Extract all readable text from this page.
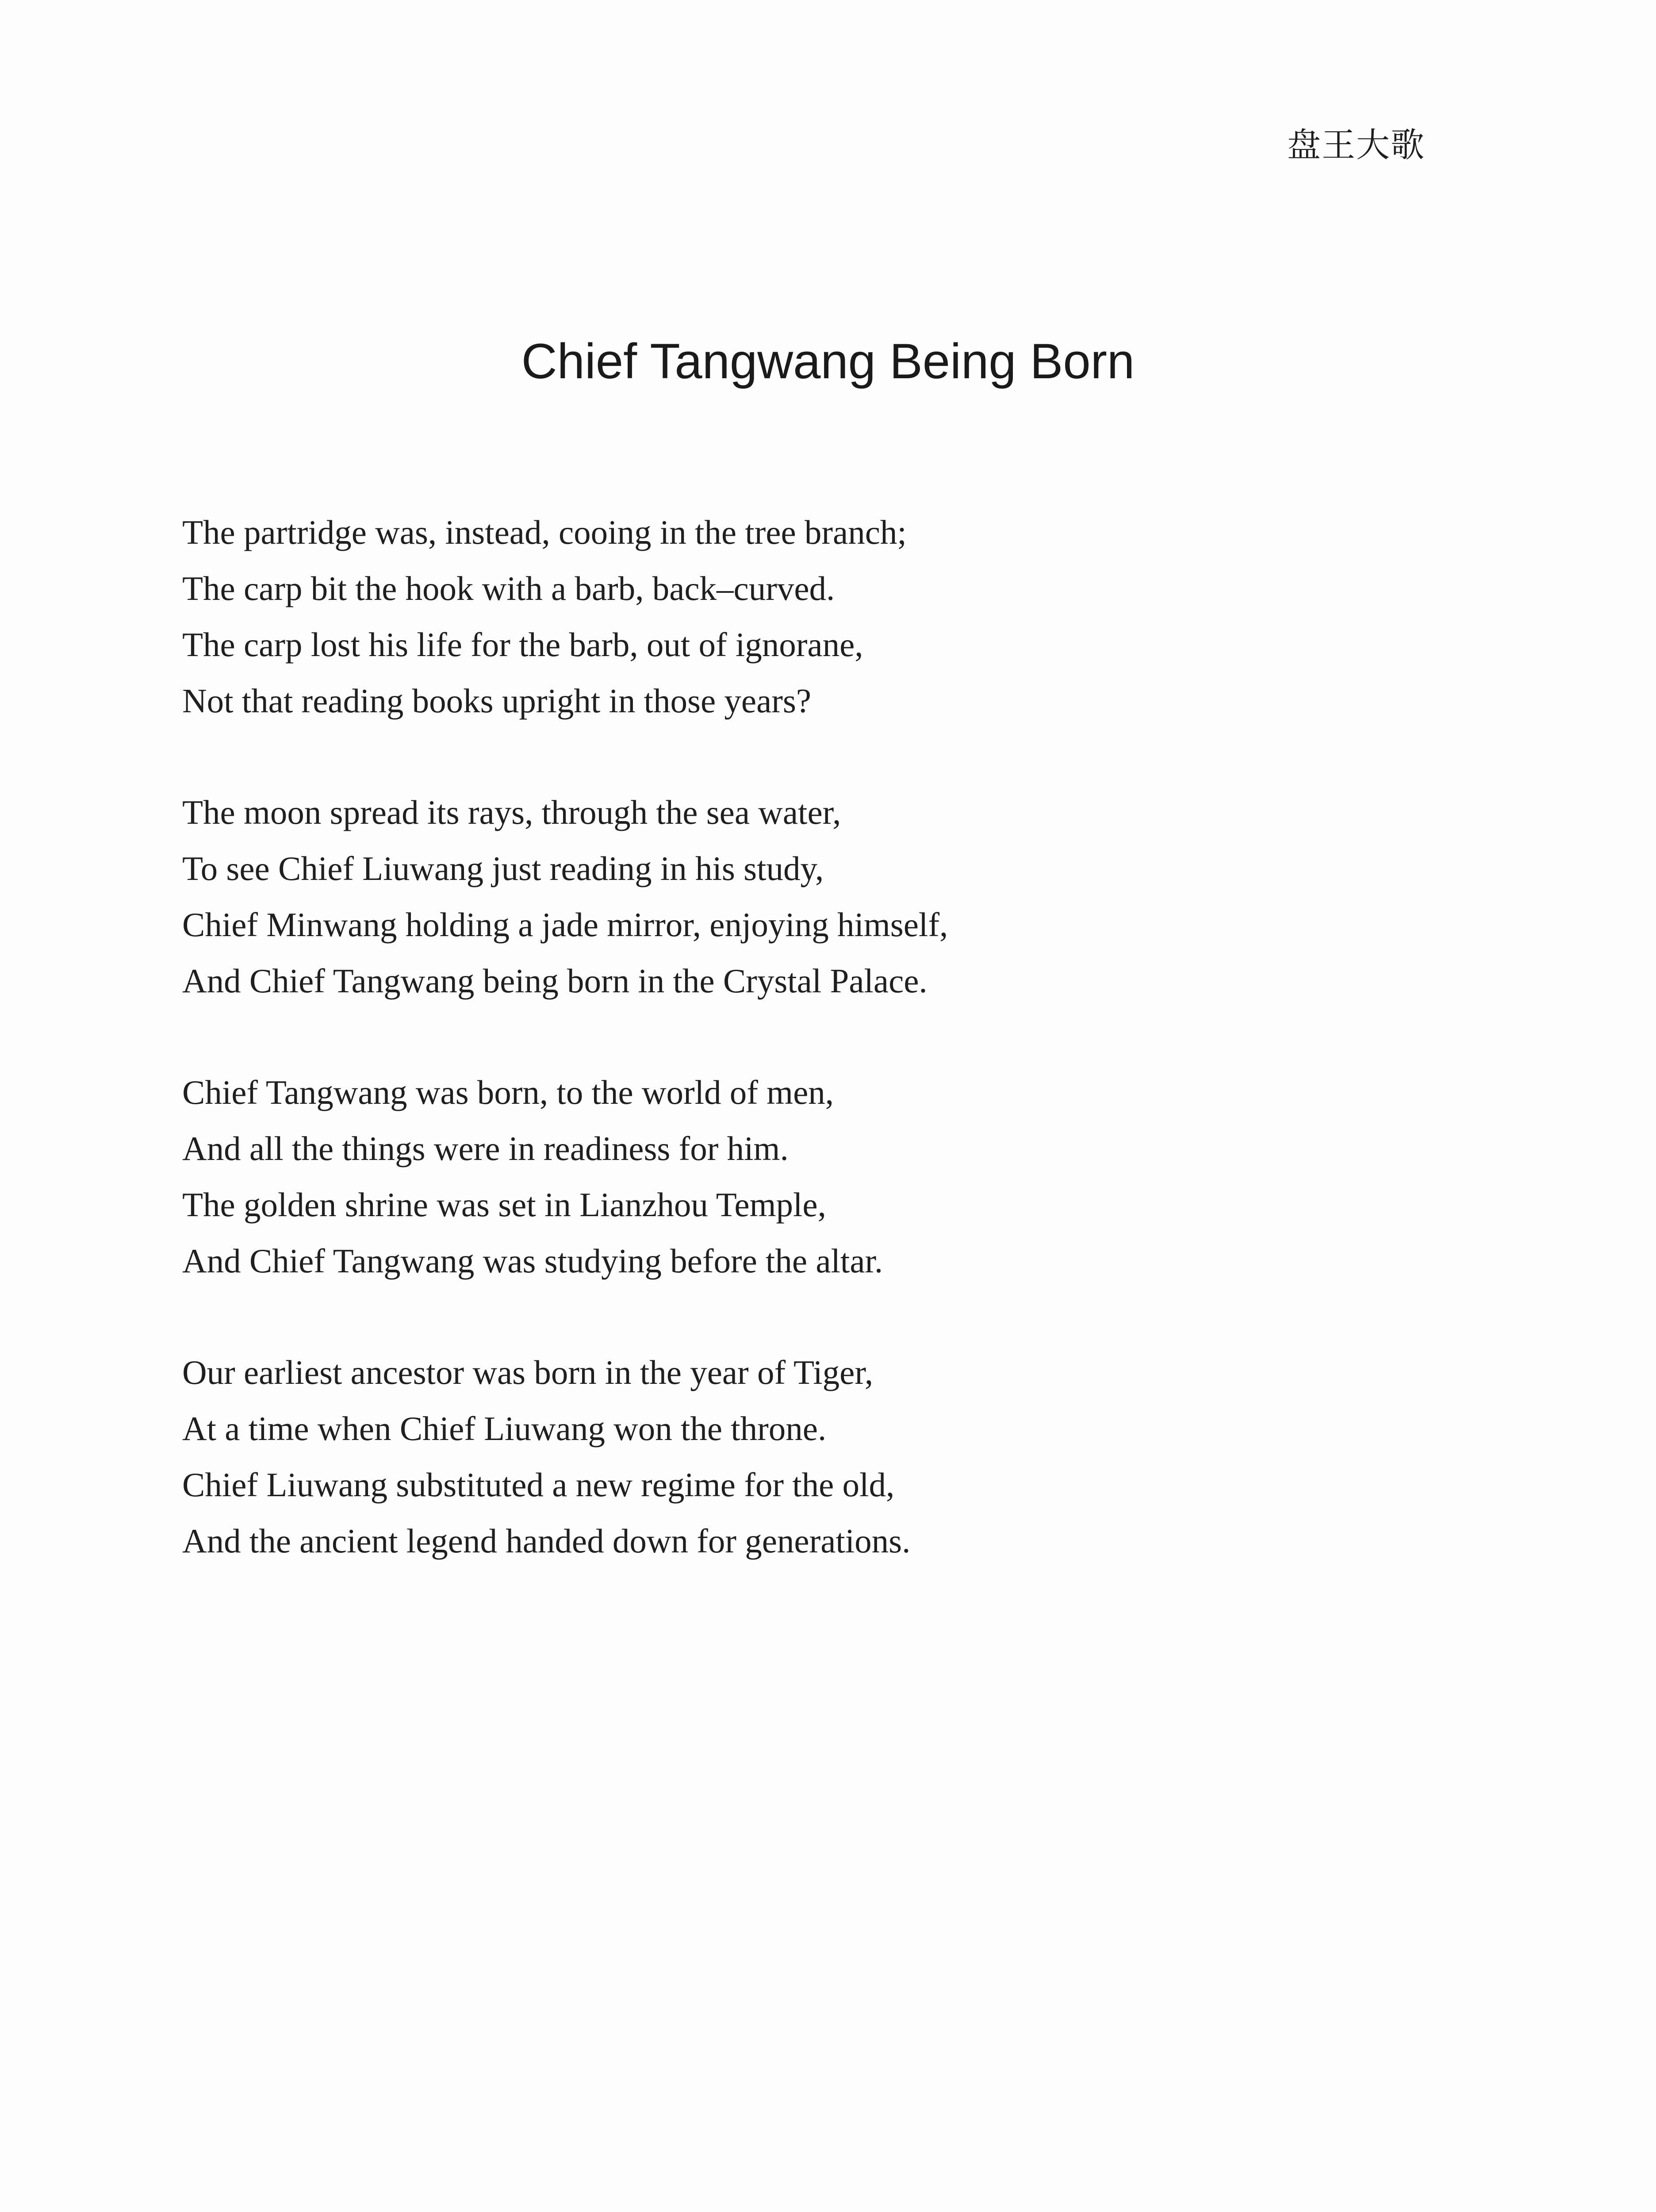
盘王大歌
Chief Tangwang Being Born
The partridge was, instead, cooing in the tree branch;
The carp bit the hook with a barb, back–curved.
The carp lost his life for the barb, out of ignorane,
Not that reading books upright in those years?
The moon spread its rays, through the sea water,
To see Chief Liuwang just reading in his study,
Chief Minwang holding a jade mirror, enjoying himself,
And Chief Tangwang being born in the Crystal Palace.
Chief Tangwang was born, to the world of men,
And all the things were in readiness for him.
The golden shrine was set in Lianzhou Temple,
And Chief Tangwang was studying before the altar.
Our earliest ancestor was born in the year of Tiger,
At a time when Chief Liuwang won the throne.
Chief Liuwang substituted a new regime for the old,
And the ancient legend handed down for generations.
